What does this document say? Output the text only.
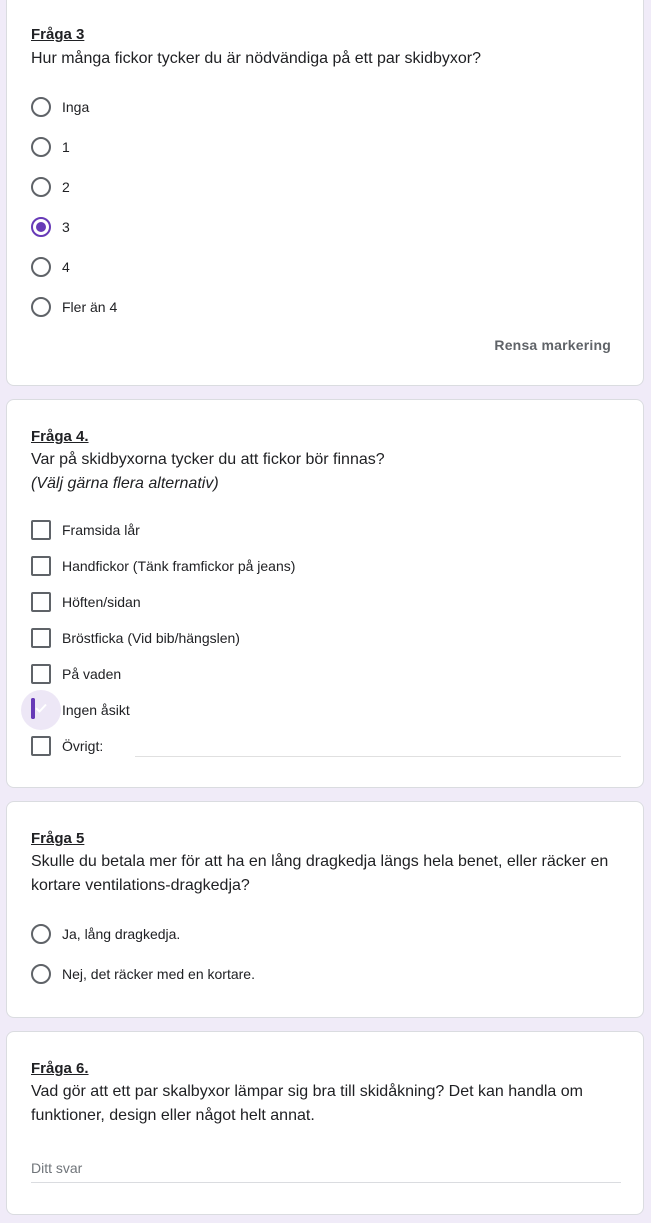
Fråga 3
Hur många fickor tycker du är nödvändiga på ett par skidbyxor?
Inga
1
2
3
4
Fler än 4
Rensa markering
Fråga 4.
Var på skidbyxorna tycker du att fickor bör finnas?
(Välj gärna flera alternativ)
Framsida lår
Handfickor (Tänk framfickor på jeans)
Höften/sidan
Bröstficka (Vid bib/hängslen)
På vaden
Ingen åsikt
Övrigt:
Fråga 5
Skulle du betala mer för att ha en lång dragkedja längs hela benet, eller räcker en kortare ventilations-dragkedja?
Ja, lång dragkedja.
Nej, det räcker med en kortare.
Fråga 6.
Vad gör att ett par skalbyxor lämpar sig bra till skidåkning? Det kan handla om funktioner, design eller något helt annat.
Ditt svar
